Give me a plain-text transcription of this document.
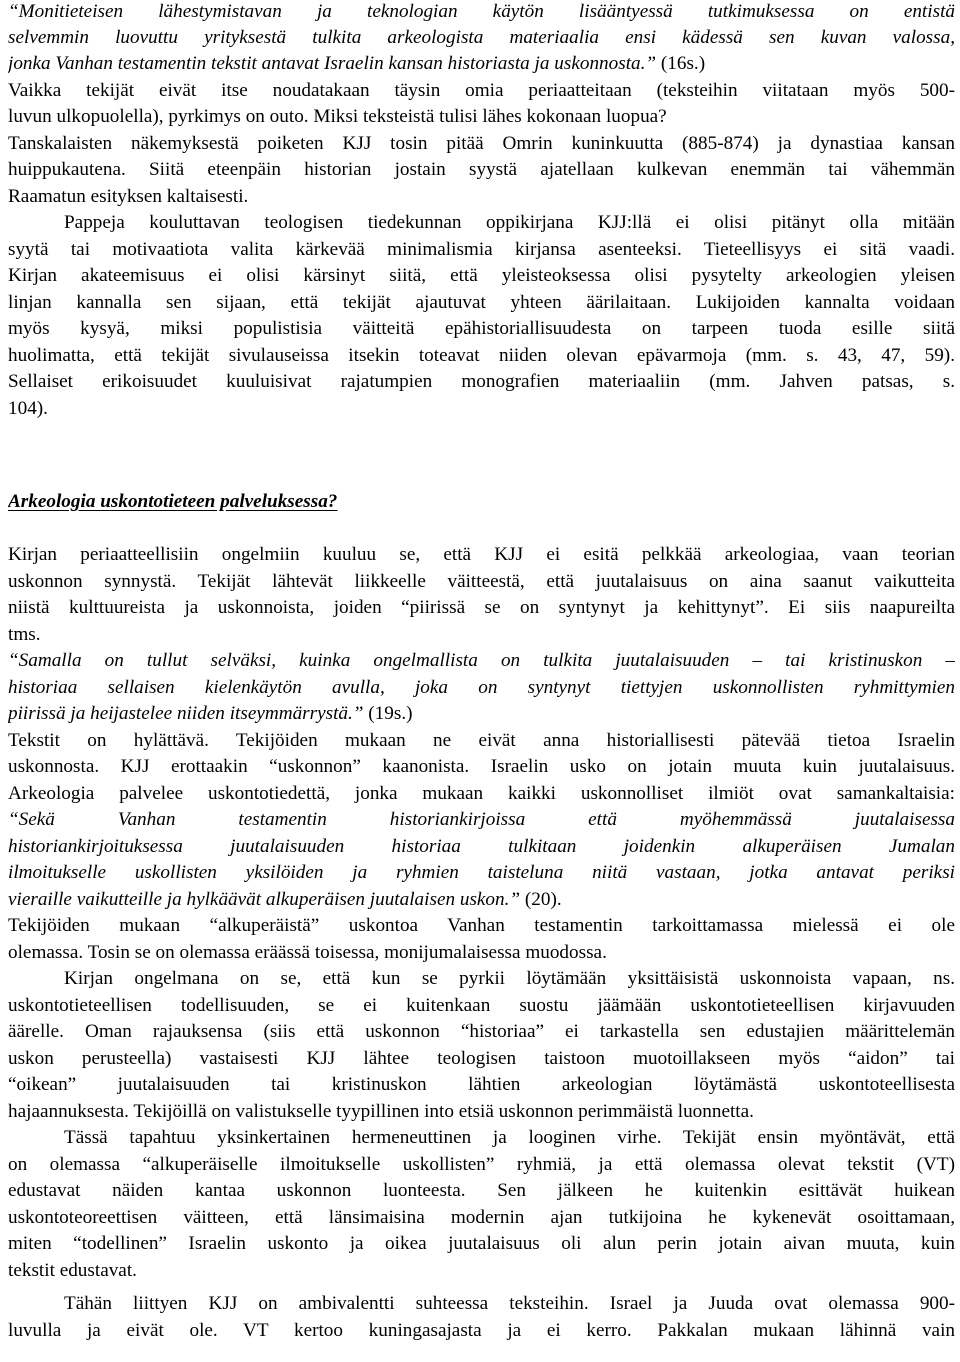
“Monitieteisen lähestymistavan ja teknologian käytön lisääntyessä tutkimuksessa on entistä
selvemmin luovuttu yrityksestä tulkita arkeologista materiaalia ensi kädessä sen kuvan valossa,
jonka Vanhan testamentin tekstit antavat Israelin kansan historiasta ja uskonnosta.” (16s.)
Vaikka tekijät eivät itse noudatakaan täysin omia periaatteitaan (teksteihin viitataan myös 500-
luvun ulkopuolella), pyrkimys on outo. Miksi teksteistä tulisi lähes kokonaan luopua?
Tanskalaisten näkemyksestä poiketen KJJ tosin pitää Omrin kuninkuutta (885-874) ja dynastiaa kansan
huippukautena. Siitä eteenpäin historian jostain syystä ajatellaan kulkevan enemmän tai vähemmän
Raamatun esityksen kaltaisesti.
Pappeja kouluttavan teologisen tiedekunnan oppikirjana KJJ:llä ei olisi pitänyt olla mitään
syytä tai motivaatiota valita kärkevää minimalismia kirjansa asenteeksi. Tieteellisyys ei sitä vaadi.
Kirjan akateemisuus ei olisi kärsinyt siitä, että yleisteoksessa olisi pysytelty arkeologien yleisen
linjan kannalla sen sijaan, että tekijät ajautuvat yhteen äärilaitaan. Lukijoiden kannalta voidaan
myös kysyä, miksi populistisia väitteitä epähistoriallisuudesta on tarpeen tuoda esille siitä
huolimatta, että tekijät sivulauseissa itsekin toteavat niiden olevan epävarmoja (mm. s. 43, 47, 59).
Sellaiset erikoisuudet kuuluisivat rajatumpien monografien materiaaliin (mm. Jahven patsas, s.
104).
Arkeologia uskontotieteen palveluksessa?
Kirjan periaatteellisiin ongelmiin kuuluu se, että KJJ ei esitä pelkkää arkeologiaa, vaan teorian
uskonnon synnystä. Tekijät lähtevät liikkeelle väitteestä, että juutalaisuus on aina saanut vaikutteita
niistä kulttuureista ja uskonnoista, joiden “piirissä se on syntynyt ja kehittynyt”. Ei siis naapureilta
tms.
“Samalla on tullut selväksi, kuinka ongelmallista on tulkita juutalaisuuden – tai kristinuskon –
historiaa sellaisen kielenkäytön avulla, joka on syntynyt tiettyjen uskonnollisten ryhmittymien
piirissä ja heijastelee niiden itseymmärrystä.” (19s.)
Tekstit on hylättävä. Tekijöiden mukaan ne eivät anna historiallisesti pätevää tietoa Israelin
uskonnosta. KJJ erottaakin “uskonnon” kaanonista. Israelin usko on jotain muuta kuin juutalaisuus.
Arkeologia palvelee uskontotiedettä, jonka mukaan kaikki uskonnolliset ilmiöt ovat samankaltaisia:
“Sekä Vanhan testamentin historiankirjoissa että myöhemmässä juutalaisessa
historiankirjoituksessa juutalaisuuden historiaa tulkitaan joidenkin alkuperäisen Jumalan
ilmoitukselle uskollisten yksilöiden ja ryhmien taisteluna niitä vastaan, jotka antavat periksi
vieraille vaikutteille ja hylkäävät alkuperäisen juutalaisen uskon.” (20).
Tekijöiden mukaan “alkuperäistä” uskontoa Vanhan testamentin tarkoittamassa mielessä ei ole
olemassa. Tosin se on olemassa eräässä toisessa, monijumalaisessa muodossa.
Kirjan ongelmana on se, että kun se pyrkii löytämään yksittäisistä uskonnoista vapaan, ns.
uskontotieteellisen todellisuuden, se ei kuitenkaan suostu jäämään uskontotieteellisen kirjavuuden
äärelle. Oman rajauksensa (siis että uskonnon “historiaa” ei tarkastella sen edustajien määrittelemän
uskon perusteella) vastaisesti KJJ lähtee teologisen taistoon muotoillakseen myös “aidon” tai
“oikean” juutalaisuuden tai kristinuskon lähtien arkeologian löytämästä uskontoteellisesta
hajaannuksesta. Tekijöillä on valistukselle tyypillinen into etsiä uskonnon perimmäistä luonnetta.
Tässä tapahtuu yksinkertainen hermeneuttinen ja looginen virhe. Tekijät ensin myöntävät, että
on olemassa “alkuperäiselle ilmoitukselle uskollisten” ryhmiä, ja että olemassa olevat tekstit (VT)
edustavat näiden kantaa uskonnon luonteesta. Sen jälkeen he kuitenkin esittävät huikean
uskontoteoreettisen väitteen, että länsimaisina modernin ajan tutkijoina he kykenevät osoittamaan,
miten “todellinen” Israelin uskonto ja oikea juutalaisuus oli alun perin jotain aivan muuta, kuin
tekstit edustavat.
Tähän liittyen KJJ on ambivalentti suhteessa teksteihin. Israel ja Juuda ovat olemassa 900-
luvulla ja eivät ole. VT kertoo kuningasajasta ja ei kerro. Pakkalan mukaan lähinnä vain
